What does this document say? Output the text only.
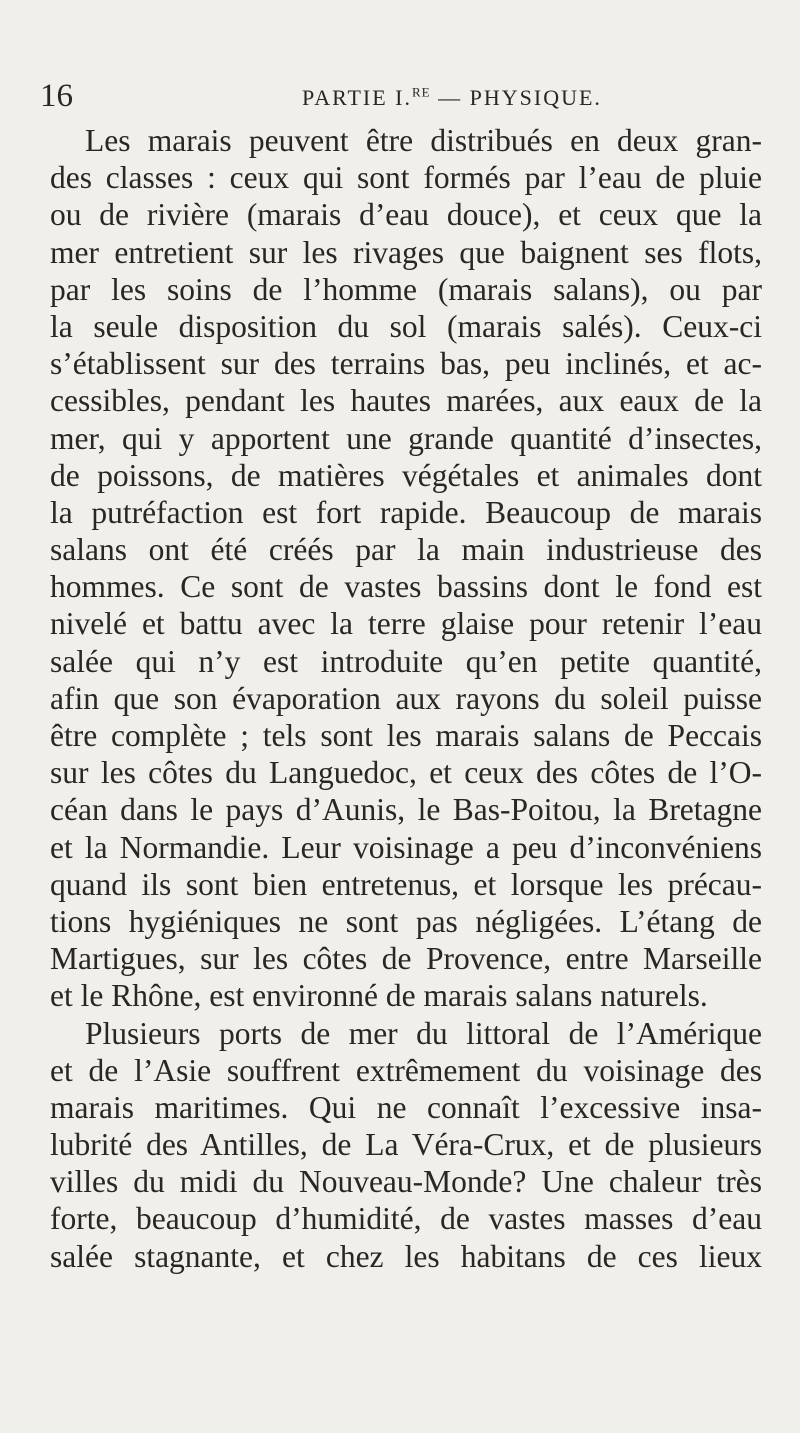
16	PARTIE I.$^{RE}$ — PHYSIQUE.
Les marais peuvent être distribués en deux gran-
des classes : ceux qui sont formés par l’eau de pluie
ou de rivière (marais d’eau douce), et ceux que la
mer entretient sur les rivages que baignent ses flots,
par les soins de l’homme (marais salans), ou par
la seule disposition du sol (marais salés). Ceux-ci
s’établissent sur des terrains bas, peu inclinés, et ac-
cessibles, pendant les hautes marées, aux eaux de la
mer, qui y apportent une grande quantité d’insectes,
de poissons, de matières végétales et animales dont
la putréfaction est fort rapide. Beaucoup de marais
salans ont été créés par la main industrieuse des
hommes. Ce sont de vastes bassins dont le fond est
nivelé et battu avec la terre glaise pour retenir l’eau
salée qui n’y est introduite qu’en petite quantité,
afin que son évaporation aux rayons du soleil puisse
être complète ; tels sont les marais salans de Peccais
sur les côtes du Languedoc, et ceux des côtes de l’O-
céan dans le pays d’Aunis, le Bas-Poitou, la Bretagne
et la Normandie. Leur voisinage a peu d’inconvéniens
quand ils sont bien entretenus, et lorsque les précau-
tions hygiéniques ne sont pas négligées. L’étang de
Martigues, sur les côtes de Provence, entre Marseille
et le Rhône, est environné de marais salans naturels.
Plusieurs ports de mer du littoral de l’Amérique
et de l’Asie souffrent extrêmement du voisinage des
marais maritimes. Qui ne connaît l’excessive insa-
lubrité des Antilles, de La Véra-Crux, et de plusieurs
villes du midi du Nouveau-Monde? Une chaleur très
forte, beaucoup d’humidité, de vastes masses d’eau
salée stagnante, et chez les habitans de ces lieux
